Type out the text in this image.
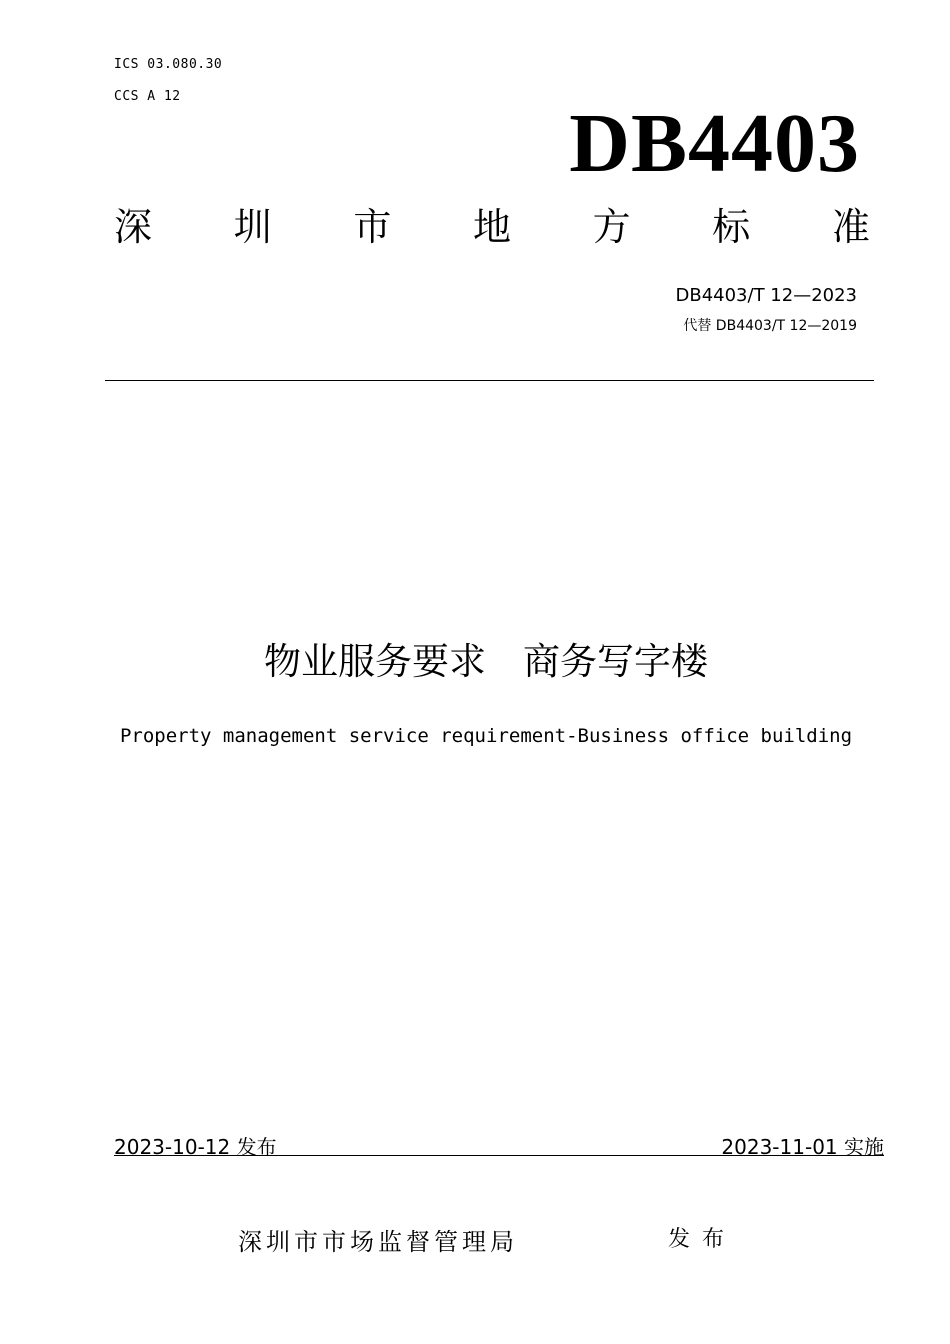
ICS 03.080.30
CCS A 12
DB4403
深 圳 市 地 方 标 准
DB4403/T 12—2023
代替 DB4403/T 12—2019
物业服务要求　商务写字楼
Property management service requirement-Business office building
2023-10-12 发布	2023-11-01 实施
深圳市市场监督管理局	发布
